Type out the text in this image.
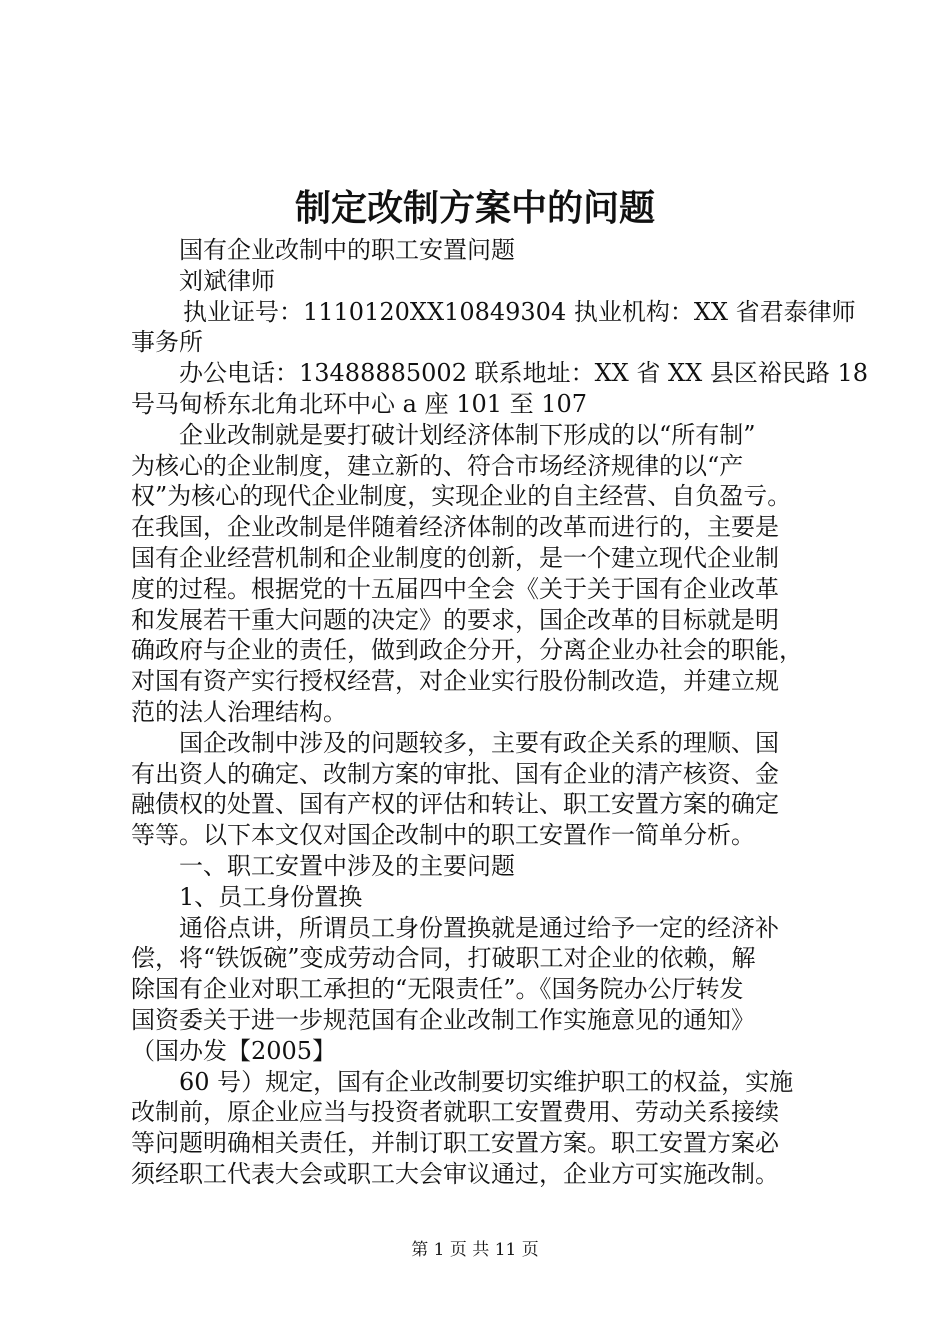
制定改制方案中的问题
国有企业改制中的职工安置问题
刘斌律师
执业证号：1110120XX10849304 执业机构：XX 省君泰律师
事务所
办公电话：13488885002 联系地址：XX 省 XX 县区裕民路 18
号马甸桥东北角北环中心 a 座 101 至 107
企业改制就是要打破计划经济体制下形成的以“所有制”
为核心的企业制度，建立新的、符合市场经济规律的以“产
权”为核心的现代企业制度，实现企业的自主经营、自负盈亏。
在我国，企业改制是伴随着经济体制的改革而进行的，主要是
国有企业经营机制和企业制度的创新，是一个建立现代企业制
度的过程。根据党的十五届四中全会《关于关于国有企业改革
和发展若干重大问题的决定》的要求，国企改革的目标就是明
确政府与企业的责任，做到政企分开，分离企业办社会的职能，
对国有资产实行授权经营，对企业实行股份制改造，并建立规
范的法人治理结构。
国企改制中涉及的问题较多，主要有政企关系的理顺、国
有出资人的确定、改制方案的审批、国有企业的清产核资、金
融债权的处置、国有产权的评估和转让、职工安置方案的确定
等等。以下本文仅对国企改制中的职工安置作一简单分析。
一、职工安置中涉及的主要问题
1、员工身份置换
通俗点讲，所谓员工身份置换就是通过给予一定的经济补
偿，将“铁饭碗”变成劳动合同，打破职工对企业的依赖，解
除国有企业对职工承担的“无限责任”。《国务院办公厅转发
国资委关于进一步规范国有企业改制工作实施意见的通知》
（国办发【2005】
60 号）规定，国有企业改制要切实维护职工的权益，实施
改制前，原企业应当与投资者就职工安置费用、劳动关系接续
等问题明确相关责任，并制订职工安置方案。职工安置方案必
须经职工代表大会或职工大会审议通过，企业方可实施改制。
第 1 页 共 11 页
